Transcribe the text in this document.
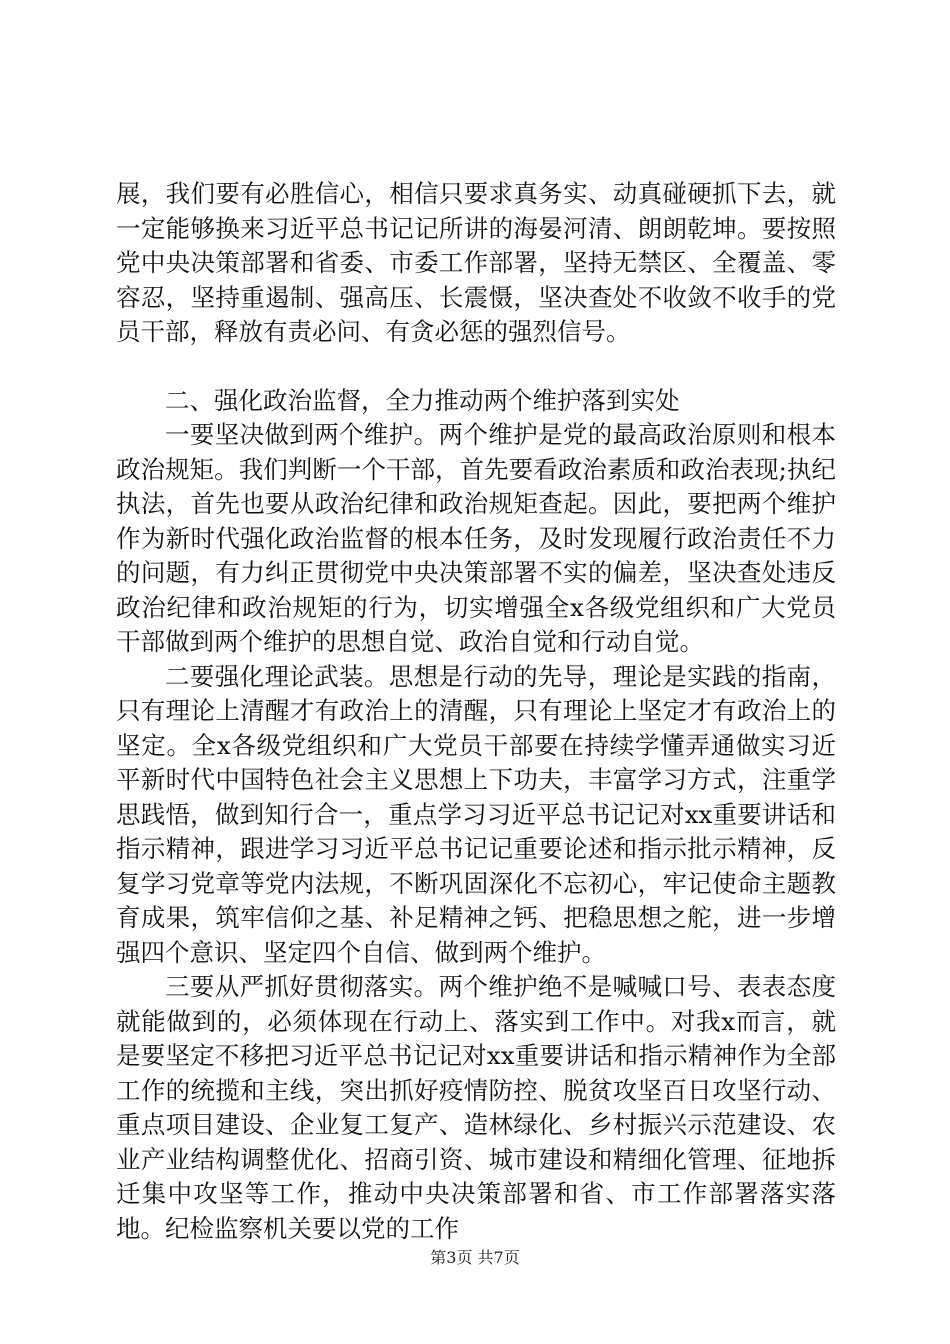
展，我们要有必胜信心，相信只要求真务实、动真碰硬抓下去，就一定能够换来习近平总书记记所讲的海晏河清、朗朗乾坤。要按照党中央决策部署和省委、市委工作部署，坚持无禁区、全覆盖、零容忍，坚持重遏制、强高压、长震慑，坚决查处不收敛不收手的党员干部，释放有责必问、有贪必惩的强烈信号。

二、强化政治监督，全力推动两个维护落到实处

一要坚决做到两个维护。两个维护是党的最高政治原则和根本政治规矩。我们判断一个干部，首先要看政治素质和政治表现;执纪执法，首先也要从政治纪律和政治规矩查起。因此，要把两个维护作为新时代强化政治监督的根本任务，及时发现履行政治责任不力的问题，有力纠正贯彻党中央决策部署不实的偏差，坚决查处违反政治纪律和政治规矩的行为，切实增强全x各级党组织和广大党员干部做到两个维护的思想自觉、政治自觉和行动自觉。

二要强化理论武装。思想是行动的先导，理论是实践的指南，只有理论上清醒才有政治上的清醒，只有理论上坚定才有政治上的坚定。全x各级党组织和广大党员干部要在持续学懂弄通做实习近平新时代中国特色社会主义思想上下功夫，丰富学习方式，注重学思践悟，做到知行合一，重点学习习近平总书记记对xx重要讲话和指示精神，跟进学习习近平总书记记重要论述和指示批示精神，反复学习党章等党内法规，不断巩固深化不忘初心，牢记使命主题教育成果，筑牢信仰之基、补足精神之钙、把稳思想之舵，进一步增强四个意识、坚定四个自信、做到两个维护。

三要从严抓好贯彻落实。两个维护绝不是喊喊口号、表表态度就能做到的，必须体现在行动上、落实到工作中。对我x而言，就是要坚定不移把习近平总书记记对xx重要讲话和指示精神作为全部工作的统揽和主线，突出抓好疫情防控、脱贫攻坚百日攻坚行动、重点项目建设、企业复工复产、造林绿化、乡村振兴示范建设、农业产业结构调整优化、招商引资、城市建设和精细化管理、征地拆迁集中攻坚等工作，推动中央决策部署和省、市工作部署落实落地。纪检监察机关要以党的工作

第3页 共7页
